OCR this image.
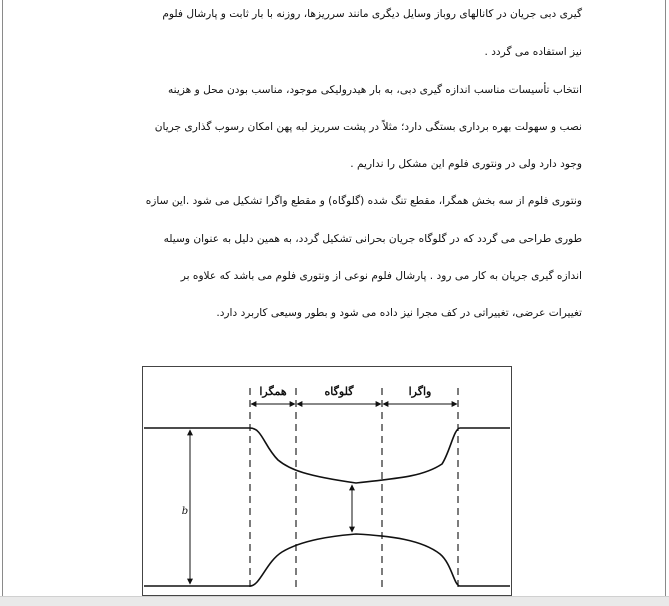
گیری دبی جریان در کانالهای روباز وسایل دیگری مانند سرریزها، روزنه با بار ثابت و پارشال فلوم
نیز استفاده می گردد .
انتخاب تأسیسات مناسب اندازه گیری دبی، به بار هیدرولیکی موجود، مناسب بودن محل و هزینه
نصب و سهولت بهره برداری بستگی دارد؛ مثلاً در پشت سرریز لبه پهن امکان رسوب گذاری جریان
وجود دارد ولی در ونتوری فلوم این مشکل را نداریم .
ونتوری فلوم از سه بخش همگرا، مقطع تنگ شده (گلوگاه) و مقطع واگرا تشکیل می شود .این سازه
طوری طراحی می گردد که در گلوگاه جریان بحرانی تشکیل گردد، به همین دلیل به عنوان وسیله
اندازه گیری جریان به کار می رود . پارشال فلوم نوعی از ونتوری فلوم می باشد که علاوه بر
تغییرات عرضی، تغییراتی در کف مجرا نیز داده می شود و بطور وسیعی کاربرد دارد.
همگرا	گلوگاه	واگرا
b
